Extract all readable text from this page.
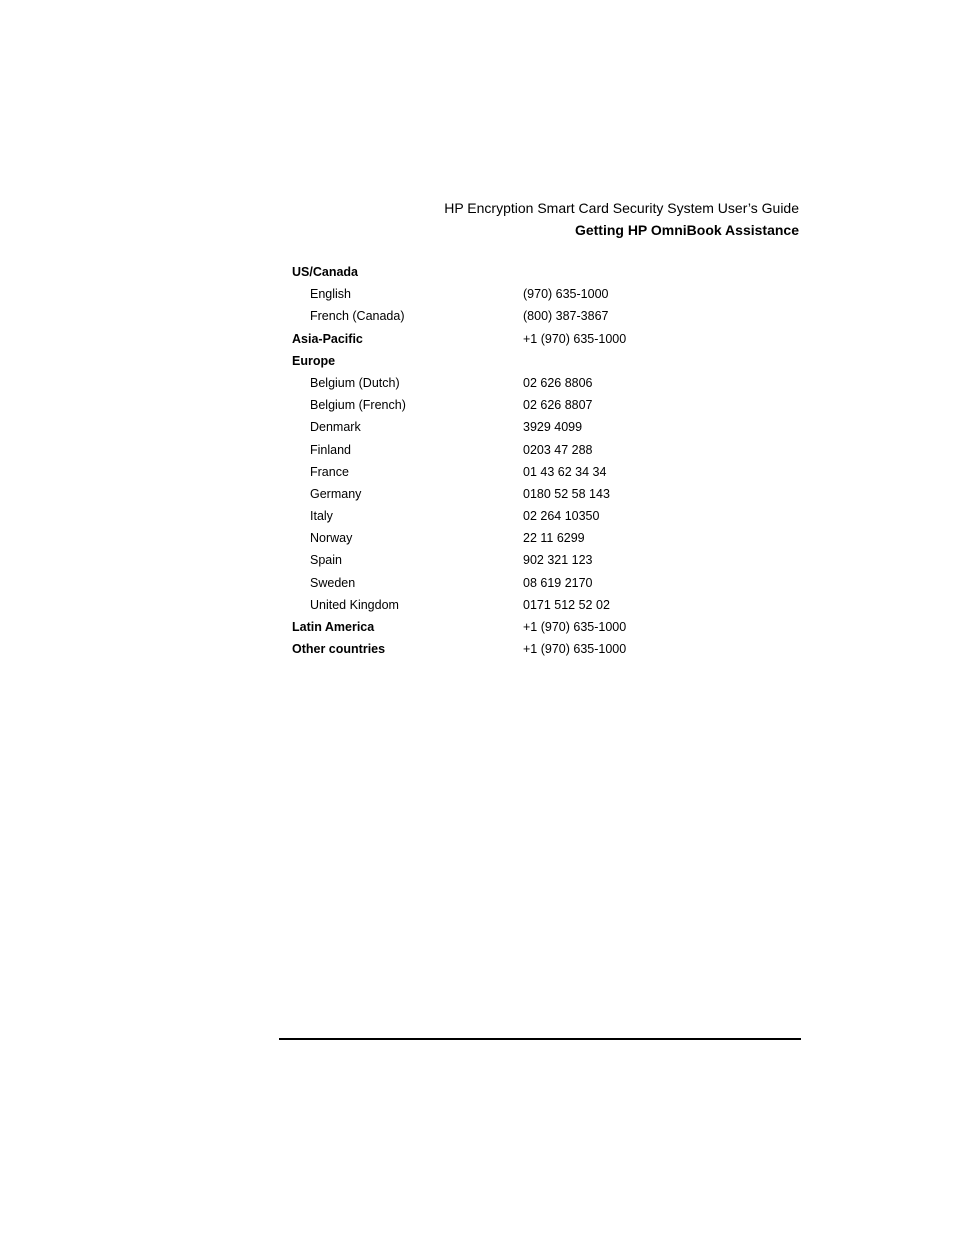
HP Encryption Smart Card Security System User’s Guide
Getting HP OmniBook Assistance
US/Canada
English	(970) 635-1000
French (Canada)	(800) 387-3867
Asia-Pacific	+1 (970) 635-1000
Europe
Belgium (Dutch)	02 626 8806
Belgium (French)	02 626 8807
Denmark	3929 4099
Finland	0203 47 288
France	01 43 62 34 34
Germany	0180 52 58 143
Italy	02 264 10350
Norway	22 11 6299
Spain	902 321 123
Sweden	08 619 2170
United Kingdom	0171 512 52 02
Latin America	+1 (970) 635-1000
Other countries	+1 (970) 635-1000
